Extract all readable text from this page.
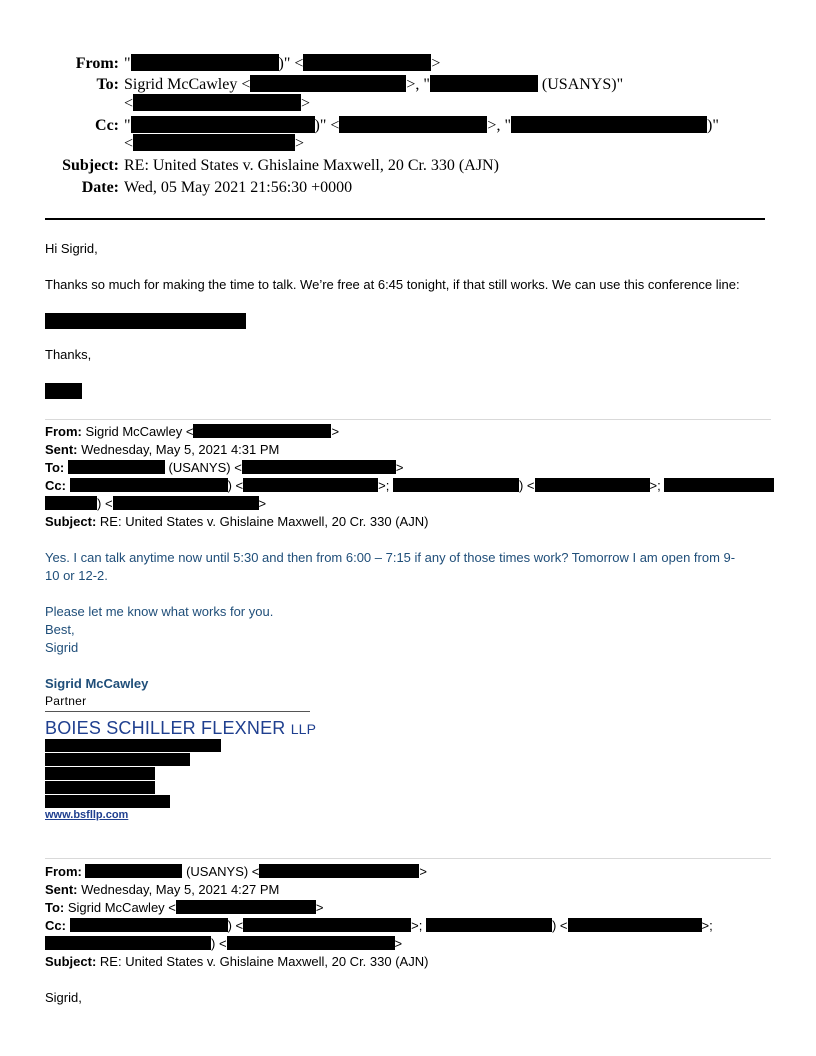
From: "	)" <	>
To: Sigrid McCawley <	>, "	(USANYS)"
<	>
Cc: "	)" <	>, "	)"
<	>
Subject: RE: United States v. Ghislaine Maxwell, 20 Cr. 330 (AJN)
Date: Wed, 05 May 2021 21:56:30 +0000
Hi Sigrid,
Thanks so much for making the time to talk. We’re free at 6:45 tonight, if that still works. We can use this conference line:
Thanks,
From: Sigrid McCawley <	>
Sent: Wednesday, May 5, 2021 4:31 PM
To:	(USANYS) <	>
Cc:	) <	>;	) <	>;
) <	>
Subject: RE: United States v. Ghislaine Maxwell, 20 Cr. 330 (AJN)
Yes. I can talk anytime now until 5:30 and then from 6:00 – 7:15 if any of those times work? Tomorrow I am open from 9-
10 or 12-2.
Please let me know what works for you.
Best,
Sigrid
Sigrid McCawley
Partner
BOIES SCHILLER FLEXNER LLP
www.bsfllp.com
From:	(USANYS) <	>
Sent: Wednesday, May 5, 2021 4:27 PM
To: Sigrid McCawley <	>
Cc:	) <	>;	) <	>;
) <	>
Subject: RE: United States v. Ghislaine Maxwell, 20 Cr. 330 (AJN)
Sigrid,
